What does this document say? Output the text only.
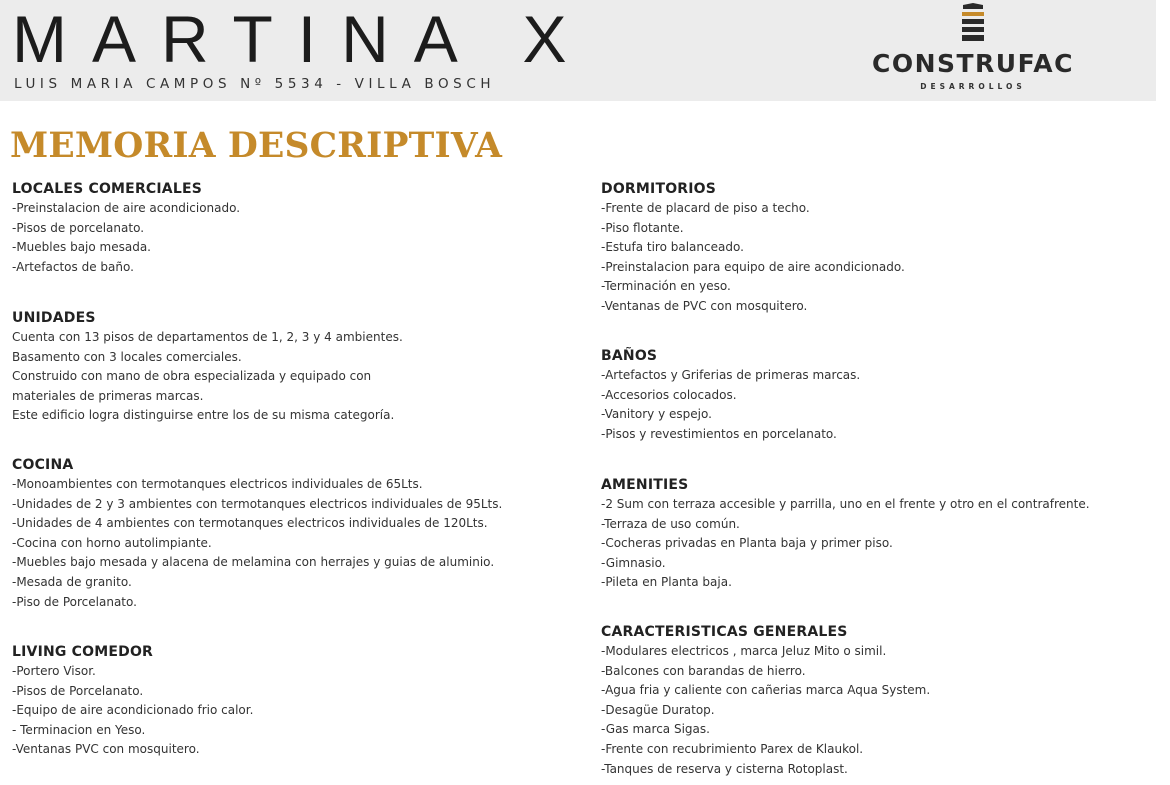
MARTINA X
LUIS MARIA CAMPOS Nº 5534 - VILLA BOSCH
CONSTRUFAC
DESARROLLOS
MEMORIA DESCRIPTIVA
LOCALES COMERCIALES
-Preinstalacion de aire acondicionado.
-Pisos de porcelanato.
-Muebles bajo mesada.
-Artefactos de baño.
UNIDADES
Cuenta con 13 pisos de departamentos de 1, 2, 3 y 4 ambientes.
Basamento con 3 locales comerciales.
Construido con mano de obra especializada y equipado con
materiales de primeras marcas.
Este edificio logra distinguirse entre los de su misma categoría.
COCINA
-Monoambientes con termotanques electricos individuales de 65Lts.
-Unidades de 2 y 3 ambientes con termotanques electricos individuales de 95Lts.
-Unidades de 4 ambientes con termotanques electricos individuales de 120Lts.
-Cocina con horno autolimpiante.
-Muebles bajo mesada y alacena de melamina con herrajes y guias de aluminio.
-Mesada de granito.
-Piso de Porcelanato.
LIVING COMEDOR
-Portero Visor.
-Pisos de Porcelanato.
-Equipo de aire acondicionado frio calor.
- Terminacion en Yeso.
-Ventanas PVC con mosquitero.
DORMITORIOS
-Frente de placard de piso a techo.
-Piso flotante.
-Estufa tiro balanceado.
-Preinstalacion para equipo de aire acondicionado.
-Terminación en yeso.
-Ventanas de PVC con mosquitero.
BAÑOS
-Artefactos y Griferias de primeras marcas.
-Accesorios colocados.
-Vanitory y espejo.
-Pisos y revestimientos en porcelanato.
AMENITIES
-2 Sum con terraza accesible y parrilla, uno en el frente y otro en el contrafrente.
-Terraza de uso común.
-Cocheras privadas en Planta baja y primer piso.
-Gimnasio.
-Pileta en Planta baja.
CARACTERISTICAS GENERALES
-Modulares electricos , marca Jeluz Mito o simil.
-Balcones con barandas de hierro.
-Agua fria y caliente con cañerias marca Aqua System.
-Desagüe Duratop.
-Gas marca Sigas.
-Frente con recubrimiento Parex de Klaukol.
-Tanques de reserva y cisterna Rotoplast.
